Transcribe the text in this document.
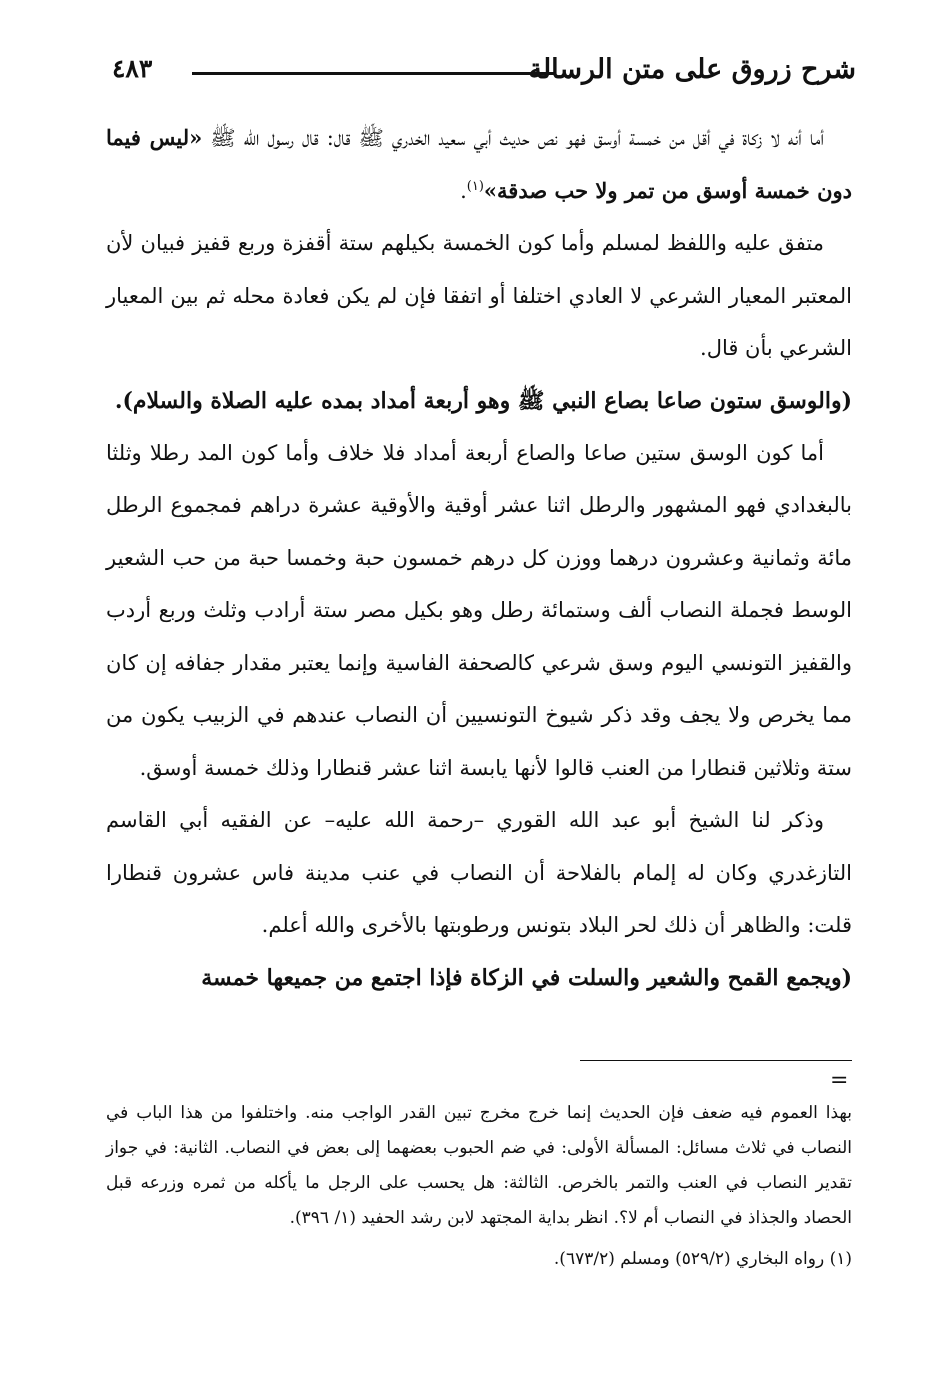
شرح زروق على متن الرسالة
٤٨٣

أما أنه لا زكاة في أقل من خمسة أوسق فهو نص حديث أبي سعيد الخدري ﷺ قال: قال رسول الله ﷺ «ليس فيما دون خمسة أوسق من تمر ولا حب صدقة»$^{(١)}$.

متفق عليه واللفظ لمسلم وأما كون الخمسة بكيلهم ستة أقفزة وربع قفيز فبيان لأن المعتبر المعيار الشرعي لا العادي اختلفا أو اتفقا فإن لم يكن فعادة محله ثم بين المعيار الشرعي بأن قال.

(والوسق ستون صاعا بصاع النبي ﷺ وهو أربعة أمداد بمده عليه الصلاة والسلام).

أما كون الوسق ستين صاعا والصاع أربعة أمداد فلا خلاف وأما كون المد رطلا وثلثا بالبغدادي فهو المشهور والرطل اثنا عشر أوقية والأوقية عشرة دراهم فمجموع الرطل مائة وثمانية وعشرون درهما ووزن كل درهم خمسون حبة وخمسا حبة من حب الشعير الوسط فجملة النصاب ألف وستمائة رطل وهو بكيل مصر ستة أرادب وثلث وربع أردب والقفيز التونسي اليوم وسق شرعي كالصحفة الفاسية وإنما يعتبر مقدار جفافه إن كان مما يخرص ولا يجف وقد ذكر شيوخ التونسيين أن النصاب عندهم في الزبيب يكون من ستة وثلاثين قنطارا من العنب قالوا لأنها يابسة اثنا عشر قنطارا وذلك خمسة أوسق.

وذكر لنا الشيخ أبو عبد الله القوري –رحمة الله عليه– عن الفقيه أبي القاسم التازغدري وكان له إلمام بالفلاحة أن النصاب في عنب مدينة فاس عشرون قنطارا قلت: والظاهر أن ذلك لحر البلاد بتونس ورطوبتها بالأخرى والله أعلم.

(ويجمع القمح والشعير والسلت في الزكاة فإذا اجتمع من جميعها خمسة

=

بهذا العموم فيه ضعف فإن الحديث إنما خرج مخرج تبين القدر الواجب منه. واختلفوا من هذا الباب في النصاب في ثلاث مسائل: المسألة الأولى: في ضم الحبوب بعضهما إلى بعض في النصاب. الثانية: في جواز تقدير النصاب في العنب والتمر بالخرص. الثالثة: هل يحسب على الرجل ما يأكله من ثمره وزرعه قبل الحصاد والجذاذ في النصاب أم لا؟. انظر بداية المجتهد لابن رشد الحفيد (١/ ٣٩٦).

(١) رواه البخاري (٥٢٩/٢) ومسلم (٦٧٣/٢).
